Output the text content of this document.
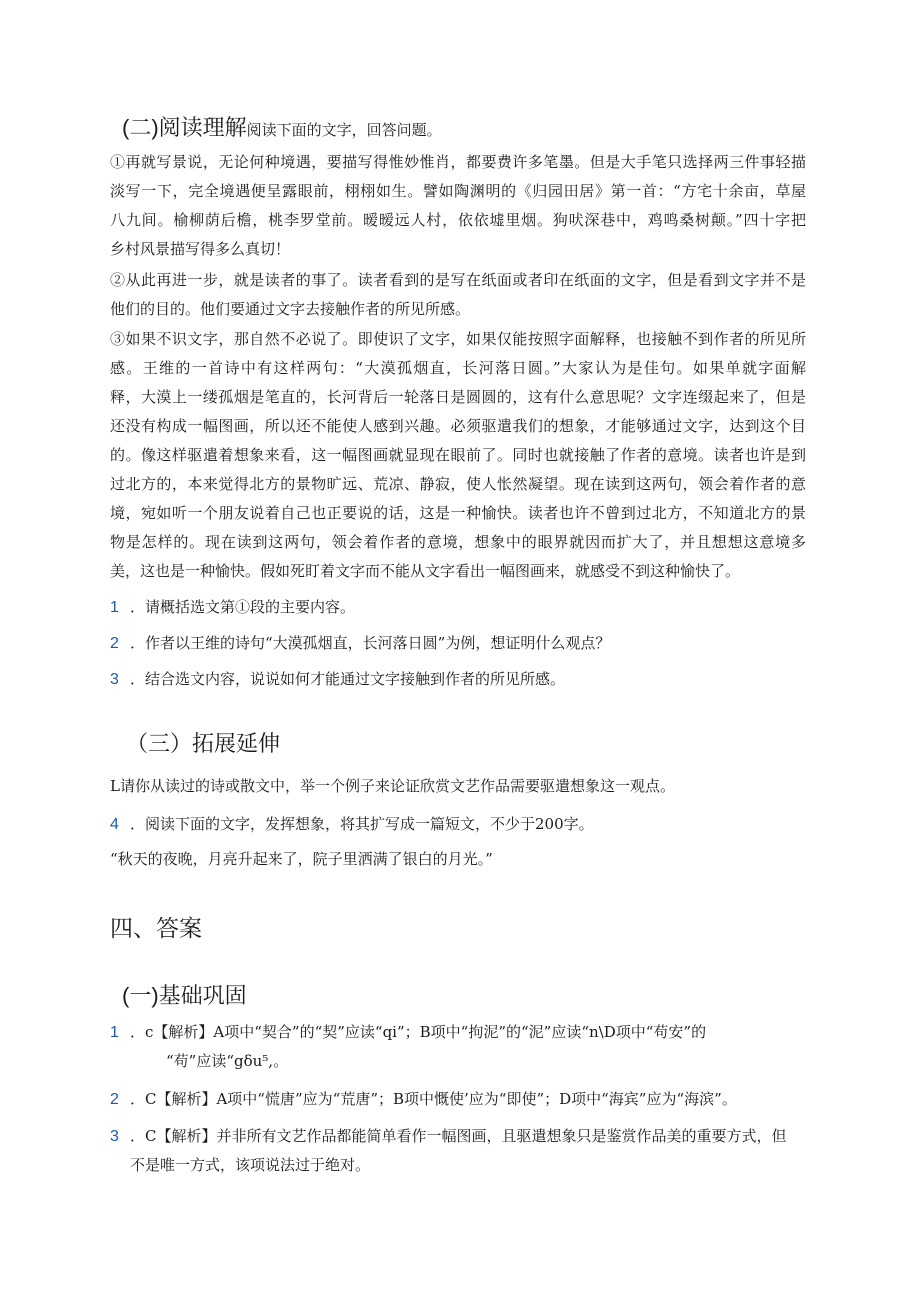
(二)阅读理解阅读下面的文字，回答问题。
①再就写景说，无论何种境遇，要描写得惟妙惟肖，都要费许多笔墨。但是大手笔只选择两三件事轻描
淡写一下，完全境遇便呈露眼前，栩栩如生。譬如陶渊明的《归园田居》第一首：“方宅十余亩，草屋
八九间。榆柳荫后檐，桃李罗堂前。暧暧远人村，依依墟里烟。狗吠深巷中，鸡鸣桑树颠。”四十字把
乡村风景描写得多么真切！
②从此再进一步，就是读者的事了。读者看到的是写在纸面或者印在纸面的文字，但是看到文字并不是
他们的目的。他们要通过文字去接触作者的所见所感。
③如果不识文字，那自然不必说了。即使识了文字，如果仅能按照字面解释，也接触不到作者的所见所
感。王维的一首诗中有这样两句：“大漠孤烟直，长河落日圆。”大家认为是佳句。如果单就字面解
释，大漠上一缕孤烟是笔直的，长河背后一轮落日是圆圆的，这有什么意思呢？文字连缀起来了，但是
还没有构成一幅图画，所以还不能使人感到兴趣。必须驱遣我们的想象，才能够通过文字，达到这个目
的。像这样驱遣着想象来看，这一幅图画就显现在眼前了。同时也就接触了作者的意境。读者也许是到
过北方的，本来觉得北方的景物旷远、荒凉、静寂，使人怅然凝望。现在读到这两句，领会着作者的意
境，宛如听一个朋友说着自己也正要说的话，这是一种愉快。读者也许不曾到过北方，不知道北方的景
物是怎样的。现在读到这两句，领会着作者的意境，想象中的眼界就因而扩大了，并且想想这意境多
美，这也是一种愉快。假如死盯着文字而不能从文字看出一幅图画来，就感受不到这种愉快了。
1 ．请概括选文第①段的主要内容。
2 ．作者以王维的诗句“大漠孤烟直，长河落日圆”为例，想证明什么观点？
3 ．结合选文内容，说说如何才能通过文字接触到作者的所见所感。
（三）拓展延伸
L请你从读过的诗或散文中，举一个例子来论证欣赏文艺作品需要驱遣想象这一观点。
4 ．阅读下面的文字，发挥想象，将其扩写成一篇短文，不少于200字。
“秋天的夜晚，月亮升起来了，院子里洒满了银白的月光。”
四、答案
(一)基础巩固
1 ．c【解析】A项中“契合”的“契”应读“qi”；B项中“拘泥”的“泥”应读“n\D项中“苟安”的
“苟”应读“gδu⁵,。
2 ．C【解析】A项中“慌唐”应为“荒唐”；B项中慨使’应为“即使”；D项中“海宾”应为“海滨”。
3 ．C【解析】并非所有文艺作品都能简单看作一幅图画，且驱遣想象只是鉴赏作品美的重要方式，但
不是唯一方式，该项说法过于绝对。
